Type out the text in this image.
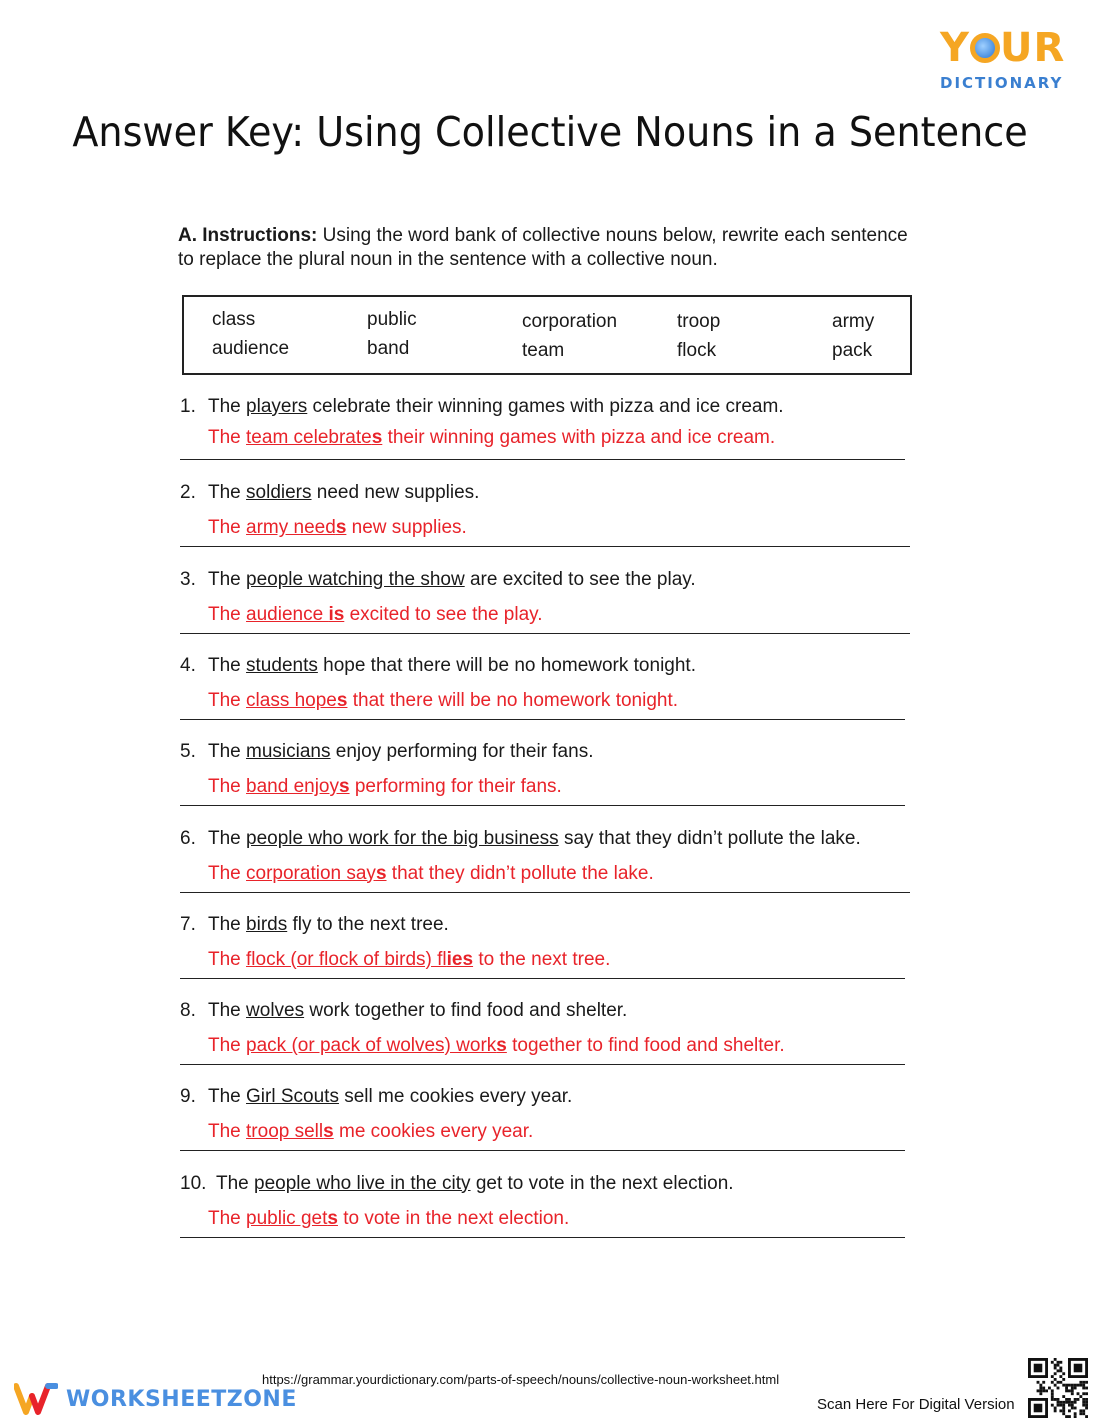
Y UR
DICTIONARY
Answer Key: Using Collective Nouns in a Sentence
A. Instructions: Using the word bank of collective nouns below, rewrite each sentence
to replace the plural noun in the sentence with a collective noun.
class
audience
public
band
corporation
team
troop
flock
army
pack
1. The players celebrate their winning games with pizza and ice cream.
The team celebrates their winning games with pizza and ice cream.
2. The soldiers need new supplies.
The army needs new supplies.
3. The people watching the show are excited to see the play.
The audience is excited to see the play.
4. The students hope that there will be no homework tonight.
The class hopes that there will be no homework tonight.
5. The musicians enjoy performing for their fans.
The band enjoys performing for their fans.
6. The people who work for the big business say that they didn’t pollute the lake.
The corporation says that they didn’t pollute the lake.
7. The birds fly to the next tree.
The flock (or flock of birds) flies to the next tree.
8. The wolves work together to find food and shelter.
The pack (or pack of wolves) works together to find food and shelter.
9. The Girl Scouts sell me cookies every year.
The troop sells me cookies every year.
10. The people who live in the city get to vote in the next election.
The public gets to vote in the next election.
WORKSHEETZONE
https://grammar.yourdictionary.com/parts-of-speech/nouns/collective-noun-worksheet.html
Scan Here For Digital Version
